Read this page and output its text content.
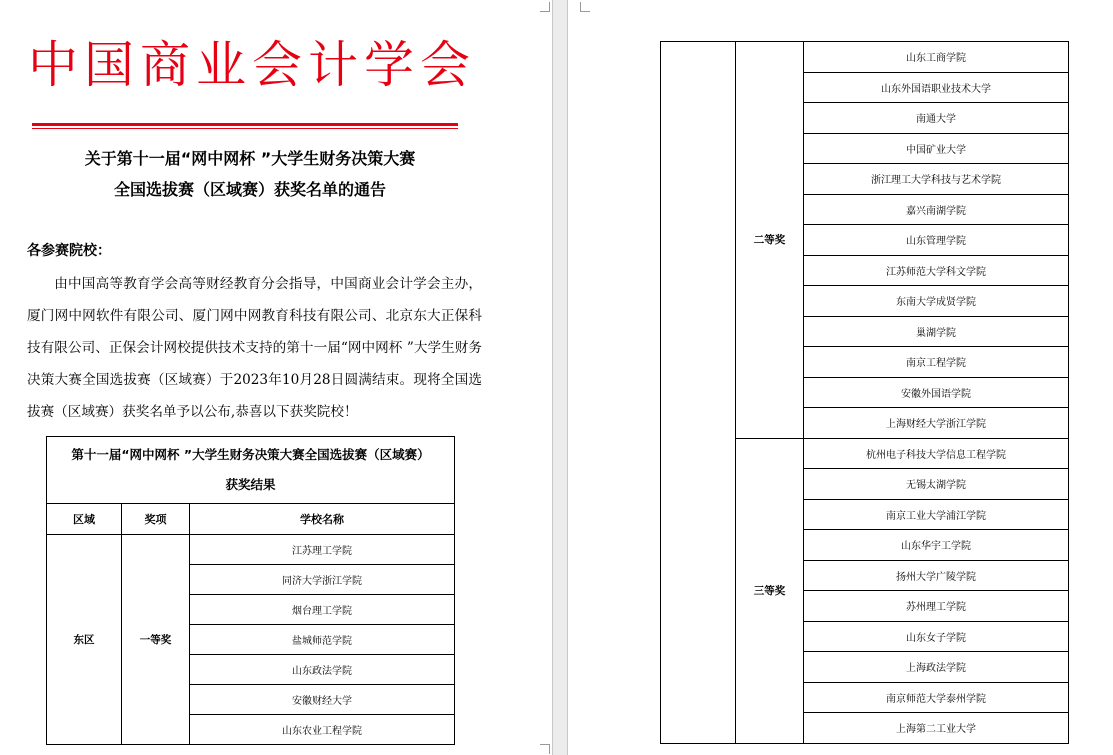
中国商业会计学会
关于第十一届“网中网杯 ”大学生财务决策大赛
全国选拔赛（区域赛）获奖名单的通告
各参赛院校：
由中国高等教育学会高等财经教育分会指导，中国商业会计学会主办，厦门网中网软件有限公司、厦门网中网教育科技有限公司、北京东大正保科技有限公司、正保会计网校提供技术支持的第十一届“网中网杯 ”大学生财务决策大赛全国选拔赛（区域赛）于2023年10月28日圆满结束。现将全国选拔赛（区域赛）获奖名单予以公布,恭喜以下获奖院校！
第十一届“网中网杯 ”大学生财务决策大赛全国选拔赛（区域赛）
获奖结果		

区域	奖项	学校名称
东区	一等奖	江苏理工学院
		同济大学浙江学院
		烟台理工学院
		盐城师范学院
		山东政法学院
		安徽财经大学
		山东农业工程学院
	二等奖	山东工商学院
		山东外国语职业技术大学
		南通大学
		中国矿业大学
		浙江理工大学科技与艺术学院
		嘉兴南湖学院
		山东管理学院
		江苏师范大学科文学院
		东南大学成贤学院
		巢湖学院
		南京工程学院
		安徽外国语学院
		上海财经大学浙江学院
	三等奖	杭州电子科技大学信息工程学院
		无锡太湖学院
		南京工业大学浦江学院
		山东华宇工学院
		扬州大学广陵学院
		苏州理工学院
		山东女子学院
		上海政法学院
		南京师范大学泰州学院
		上海第二工业大学
